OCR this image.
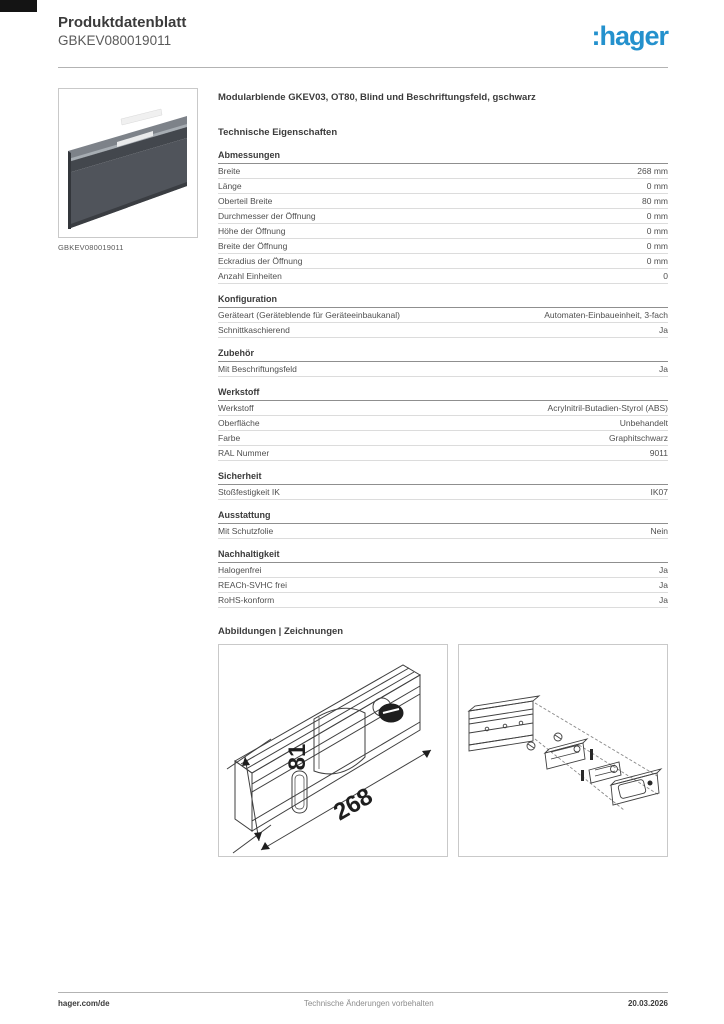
Produktdatenblatt
GBKEV080019011	:hager
GBKEV080019011
Modularblende GKEV03, OT80, Blind und Beschriftungsfeld, gschwarz
Technische Eigenschaften
Abmessungen
Breite	268 mm
Länge	0 mm
Oberteil Breite	80 mm
Durchmesser der Öffnung	0 mm
Höhe der Öffnung	0 mm
Breite der Öffnung	0 mm
Eckradius der Öffnung	0 mm
Anzahl Einheiten	0
Konfiguration
Geräteart (Geräteblende für Geräteeinbaukanal)	Automaten-Einbaueinheit, 3-fach
Schnittkaschierend	Ja
Zubehör
Mit Beschriftungsfeld	Ja
Werkstoff
Werkstoff	Acrylnitril-Butadien-Styrol (ABS)
Oberfläche	Unbehandelt
Farbe	Graphitschwarz
RAL Nummer	9011
Sicherheit
Stoßfestigkeit IK	IK07
Ausstattung
Mit Schutzfolie	Nein
Nachhaltigkeit
Halogenfrei	Ja
REACh-SVHC frei	Ja
RoHS-konform	Ja
Abbildungen | Zeichnungen
81
268
hager.com/de	Technische Änderungen vorbehalten	20.03.2026
